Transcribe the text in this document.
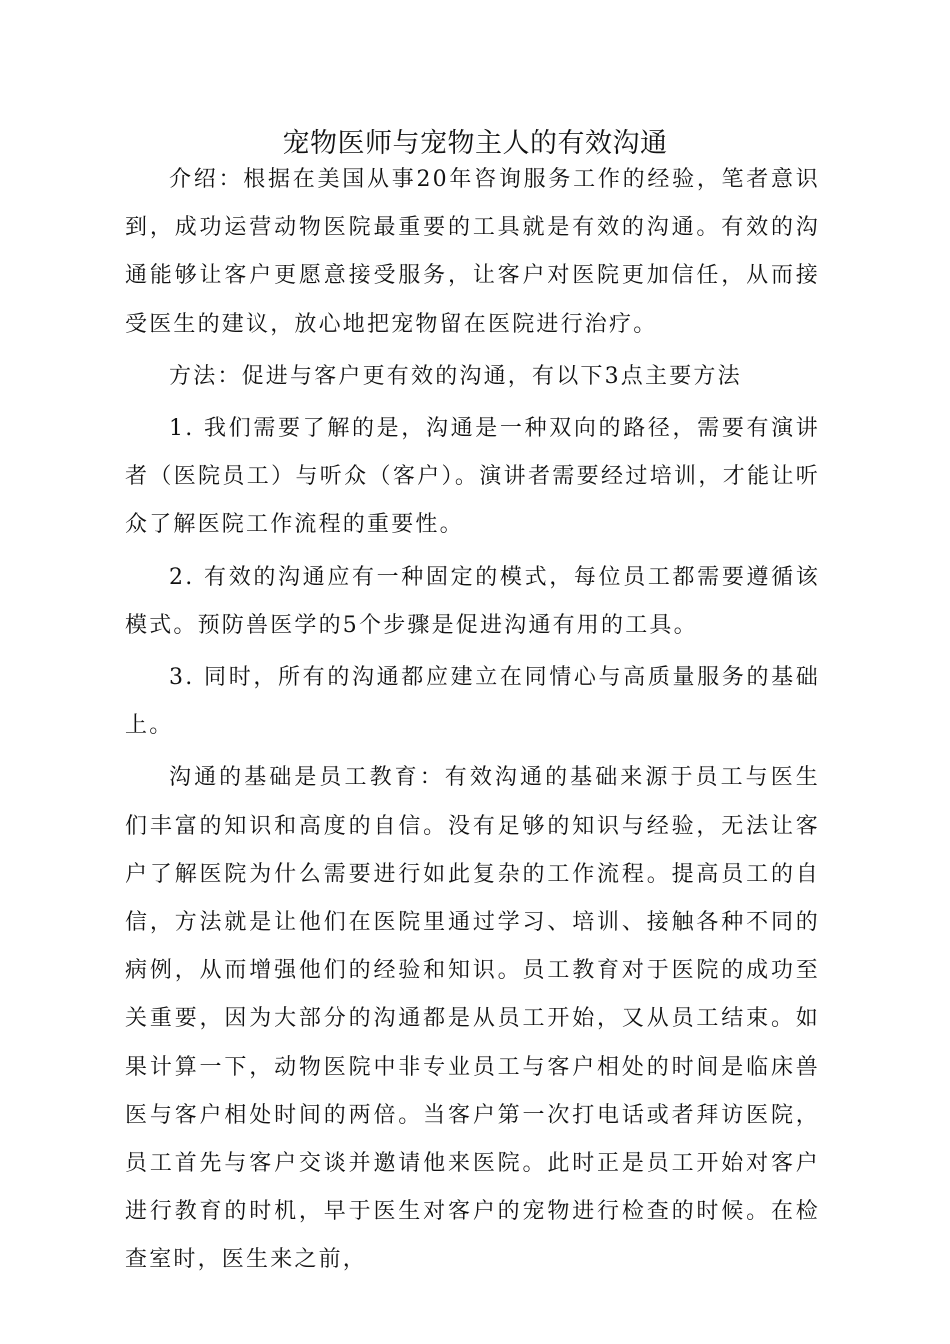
宠物医师与宠物主人的有效沟通

介绍：根据在美国从事20年咨询服务工作的经验，笔者意识到，成功运营动物医院最重要的工具就是有效的沟通。有效的沟通能够让客户更愿意接受服务，让客户对医院更加信任，从而接受医生的建议，放心地把宠物留在医院进行治疗。

方法：促进与客户更有效的沟通，有以下3点主要方法

1. 我们需要了解的是，沟通是一种双向的路径，需要有演讲者（医院员工）与听众（客户）。演讲者需要经过培训，才能让听众了解医院工作流程的重要性。

2. 有效的沟通应有一种固定的模式，每位员工都需要遵循该模式。预防兽医学的5个步骤是促进沟通有用的工具。

3. 同时，所有的沟通都应建立在同情心与高质量服务的基础上。

沟通的基础是员工教育：有效沟通的基础来源于员工与医生们丰富的知识和高度的自信。没有足够的知识与经验，无法让客户了解医院为什么需要进行如此复杂的工作流程。提高员工的自信，方法就是让他们在医院里通过学习、培训、接触各种不同的病例，从而增强他们的经验和知识。员工教育对于医院的成功至关重要，因为大部分的沟通都是从员工开始，又从员工结束。如果计算一下，动物医院中非专业员工与客户相处的时间是临床兽医与客户相处时间的两倍。当客户第一次打电话或者拜访医院，员工首先与客户交谈并邀请他来医院。此时正是员工开始对客户进行教育的时机，早于医生对客户的宠物进行检查的时候。在检查室时，医生来之前，
